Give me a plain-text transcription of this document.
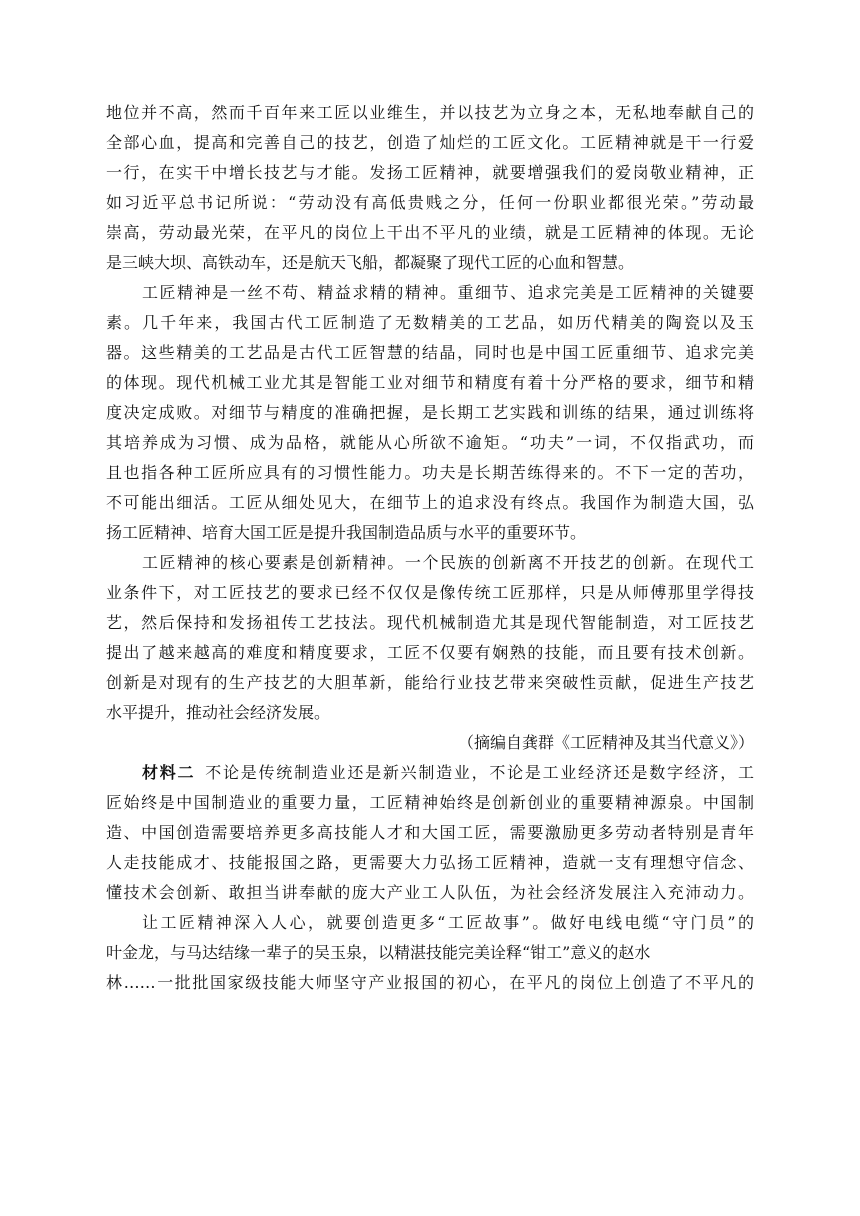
地位并不高，然而千百年来工匠以业维生，并以技艺为立身之本，无私地奉献自己的
全部心血，提高和完善自己的技艺，创造了灿烂的工匠文化。工匠精神就是干一行爱
一行，在实干中增长技艺与才能。发扬工匠精神，就要增强我们的爱岗敬业精神，正
如习近平总书记所说：“劳动没有高低贵贱之分，任何一份职业都很光荣。”劳动最
崇高，劳动最光荣，在平凡的岗位上干出不平凡的业绩，就是工匠精神的体现。无论
是三峡大坝、高铁动车，还是航天飞船，都凝聚了现代工匠的心血和智慧。
工匠精神是一丝不苟、精益求精的精神。重细节、追求完美是工匠精神的关键要
素。几千年来，我国古代工匠制造了无数精美的工艺品，如历代精美的陶瓷以及玉
器。这些精美的工艺品是古代工匠智慧的结晶，同时也是中国工匠重细节、追求完美
的体现。现代机械工业尤其是智能工业对细节和精度有着十分严格的要求，细节和精
度决定成败。对细节与精度的准确把握，是长期工艺实践和训练的结果，通过训练将
其培养成为习惯、成为品格，就能从心所欲不逾矩。“功夫”一词，不仅指武功，而
且也指各种工匠所应具有的习惯性能力。功夫是长期苦练得来的。不下一定的苦功，
不可能出细活。工匠从细处见大，在细节上的追求没有终点。我国作为制造大国，弘
扬工匠精神、培育大国工匠是提升我国制造品质与水平的重要环节。
工匠精神的核心要素是创新精神。一个民族的创新离不开技艺的创新。在现代工
业条件下，对工匠技艺的要求已经不仅仅是像传统工匠那样，只是从师傅那里学得技
艺，然后保持和发扬祖传工艺技法。现代机械制造尤其是现代智能制造，对工匠技艺
提出了越来越高的难度和精度要求，工匠不仅要有娴熟的技能，而且要有技术创新。
创新是对现有的生产技艺的大胆革新，能给行业技艺带来突破性贡献，促进生产技艺
水平提升，推动社会经济发展。
（摘编自龚群《工匠精神及其当代意义》）
材料二 不论是传统制造业还是新兴制造业，不论是工业经济还是数字经济，工
匠始终是中国制造业的重要力量，工匠精神始终是创新创业的重要精神源泉。中国制
造、中国创造需要培养更多高技能人才和大国工匠，需要激励更多劳动者特别是青年
人走技能成才、技能报国之路，更需要大力弘扬工匠精神，造就一支有理想守信念、
懂技术会创新、敢担当讲奉献的庞大产业工人队伍，为社会经济发展注入充沛动力。
让工匠精神深入人心，就要创造更多“工匠故事”。做好电线电缆“守门员”的
叶金龙，与马达结缘一辈子的吴玉泉，以精湛技能完美诠释“钳工”意义的赵水
林……一批批国家级技能大师坚守产业报国的初心，在平凡的岗位上创造了不平凡的
